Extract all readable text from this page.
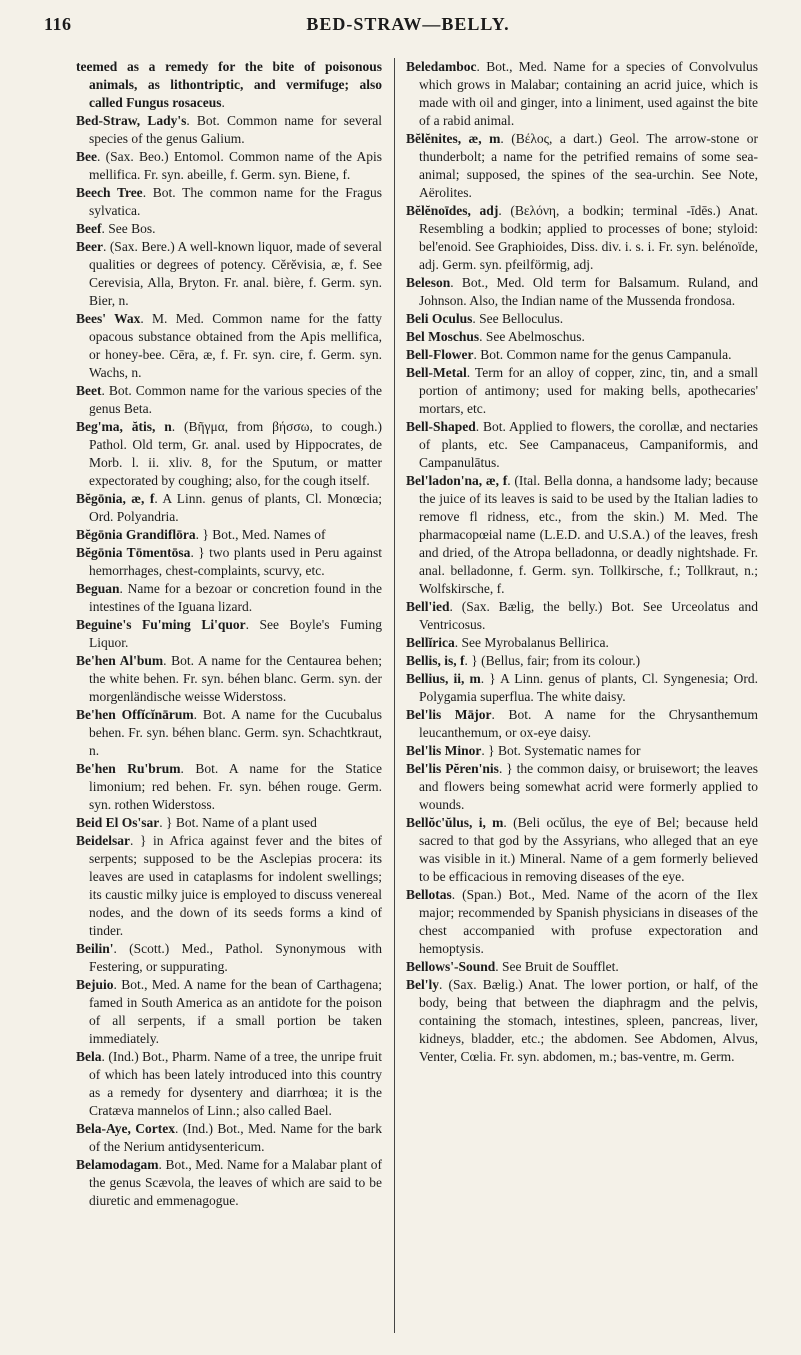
116	BED-STRAW—BELLY.
teemed as a remedy for the bite of poisonous animals, as lithontriptic, and vermifuge; also called Fungus rosaceus.
Bed-Straw, Lady's. Bot. Common name for several species of the genus Galium.
Bee. (Sax. Beo.) Entomol. Common name of the Apis mellifica. Fr. syn. abeille, f. Germ. syn. Biene, f.
Beech Tree. Bot. The common name for the Fragus sylvatica.
Beef. See Bos.
Beer. (Sax. Bere.) A well-known liquor, made of several qualities or degrees of potency. Cĕrĕvisia, æ, f. See Cerevisia, Alla, Bryton. Fr. anal. bière, f. Germ. syn. Bier, n.
Bees' Wax. M. Med. Common name for the fatty opacous substance obtained from the Apis mellifica, or honey-bee. Cēra, æ, f. Fr. syn. cire, f. Germ. syn. Wachs, n.
Beet. Bot. Common name for the various species of the genus Beta.
Beg'ma, ătis, n. (Βῆγμα, from βήσσω, to cough.) Pathol. Old term, Gr. anal. used by Hippocrates, de Morb. l. ii. xliv. 8, for the Sputum, or matter expectorated by coughing; also, for the cough itself.
Bĕgōnia, æ, f. A Linn. genus of plants, Cl. Monœcia; Ord. Polyandria.
Bĕgōnia Grandiflōra. } Bot., Med. Names of
Bĕgōnia Tōmentōsa. } two plants used in Peru against hemorrhages, chest-complaints, scurvy, etc.
Beguan. Name for a bezoar or concretion found in the intestines of the Iguana lizard.
Beguine's Fu'ming Li'quor. See Boyle's Fuming Liquor.
Be'hen Al'bum. Bot. A name for the Centaurea behen; the white behen. Fr. syn. béhen blanc. Germ. syn. der morgenländische weisse Widerstoss.
Be'hen Offĭcĭnārum. Bot. A name for the Cucubalus behen. Fr. syn. béhen blanc. Germ. syn. Schachtkraut, n.
Be'hen Ru'brum. Bot. A name for the Statice limonium; red behen. Fr. syn. béhen rouge. Germ. syn. rothen Widerstoss.
Beid El Os'sar. } Bot. Name of a plant used
Beidelsar. } in Africa against fever and the bites of serpents; supposed to be the Asclepias procera: its leaves are used in cataplasms for indolent swellings; its caustic milky juice is employed to discuss venereal nodes, and the down of its seeds forms a kind of tinder.
Beilin'. (Scott.) Med., Pathol. Synonymous with Festering, or suppurating.
Bejuio. Bot., Med. A name for the bean of Carthagena; famed in South America as an antidote for the poison of all serpents, if a small portion be taken immediately.
Bela. (Ind.) Bot., Pharm. Name of a tree, the unripe fruit of which has been lately introduced into this country as a remedy for dysentery and diarrhœa; it is the Cratæva mannelos of Linn.; also called Bael.
Bela-Aye, Cortex. (Ind.) Bot., Med. Name for the bark of the Nerium antidysentericum.
Belamodagam. Bot., Med. Name for a Malabar plant of the genus Scævola, the leaves of which are said to be diuretic and emmenagogue.
Beledamboc. Bot., Med. Name for a species of Convolvulus which grows in Malabar; containing an acrid juice, which is made with oil and ginger, into a liniment, used against the bite of a rabid animal.
Bĕlĕnites, æ, m. (Βέλος, a dart.) Geol. The arrow-stone or thunderbolt; a name for the petrified remains of some sea-animal; supposed, the spines of the sea-urchin. See Note, Aërolites.
Bĕlĕnoīdes, adj. (Βελόνη, a bodkin; terminal -īdēs.) Anat. Resembling a bodkin; applied to processes of bone; styloid: bel'enoid. See Graphioides, Diss. div. i. s. i. Fr. syn. belénoïde, adj. Germ. syn. pfeilförmig, adj.
Beleson. Bot., Med. Old term for Balsamum. Ruland, and Johnson. Also, the Indian name of the Mussenda frondosa.
Beli Oculus. See Belloculus.
Bel Moschus. See Abelmoschus.
Bell-Flower. Bot. Common name for the genus Campanula.
Bell-Metal. Term for an alloy of copper, zinc, tin, and a small portion of antimony; used for making bells, apothecaries' mortars, etc.
Bell-Shaped. Bot. Applied to flowers, the corollæ, and nectaries of plants, etc. See Campanaceus, Campaniformis, and Campanulātus.
Bel'ladon'na, æ, f. (Ital. Bella donna, a handsome lady; because the juice of its leaves is said to be used by the Italian ladies to remove fl ridness, etc., from the skin.) M. Med. The pharmacopœial name (L.E.D. and U.S.A.) of the leaves, fresh and dried, of the Atropa belladonna, or deadly nightshade. Fr. anal. belladonne, f. Germ. syn. Tollkirsche, f.; Tollkraut, n.; Wolfskirsche, f.
Bell'ied. (Sax. Bælig, the belly.) Bot. See Urceolatus and Ventricosus.
Bellĭrica. See Myrobalanus Bellirica.
Bellis, is, f. } (Bellus, fair; from its colour.)
Bellius, ii, m. } A Linn. genus of plants, Cl. Syngenesia; Ord. Polygamia superflua. The white daisy.
Bel'lis Mājor. Bot. A name for the Chrysanthemum leucanthemum, or ox-eye daisy.
Bel'lis Minor. } Bot. Systematic names for
Bel'lis Pĕren'nis. } the common daisy, or bruisewort; the leaves and flowers being somewhat acrid were formerly applied to wounds.
Bellŏc'ŭlus, i, m. (Beli ocŭlus, the eye of Bel; because held sacred to that god by the Assyrians, who alleged that an eye was visible in it.) Mineral. Name of a gem formerly believed to be efficacious in removing diseases of the eye.
Bellotas. (Span.) Bot., Med. Name of the acorn of the Ilex major; recommended by Spanish physicians in diseases of the chest accompanied with profuse expectoration and hemoptysis.
Bellows'-Sound. See Bruit de Soufflet.
Bel'ly. (Sax. Bælig.) Anat. The lower portion, or half, of the body, being that between the diaphragm and the pelvis, containing the stomach, intestines, spleen, pancreas, liver, kidneys, bladder, etc.; the abdomen. See Abdomen, Alvus, Venter, Cœlia. Fr. syn. abdomen, m.; bas-ventre, m. Germ.
